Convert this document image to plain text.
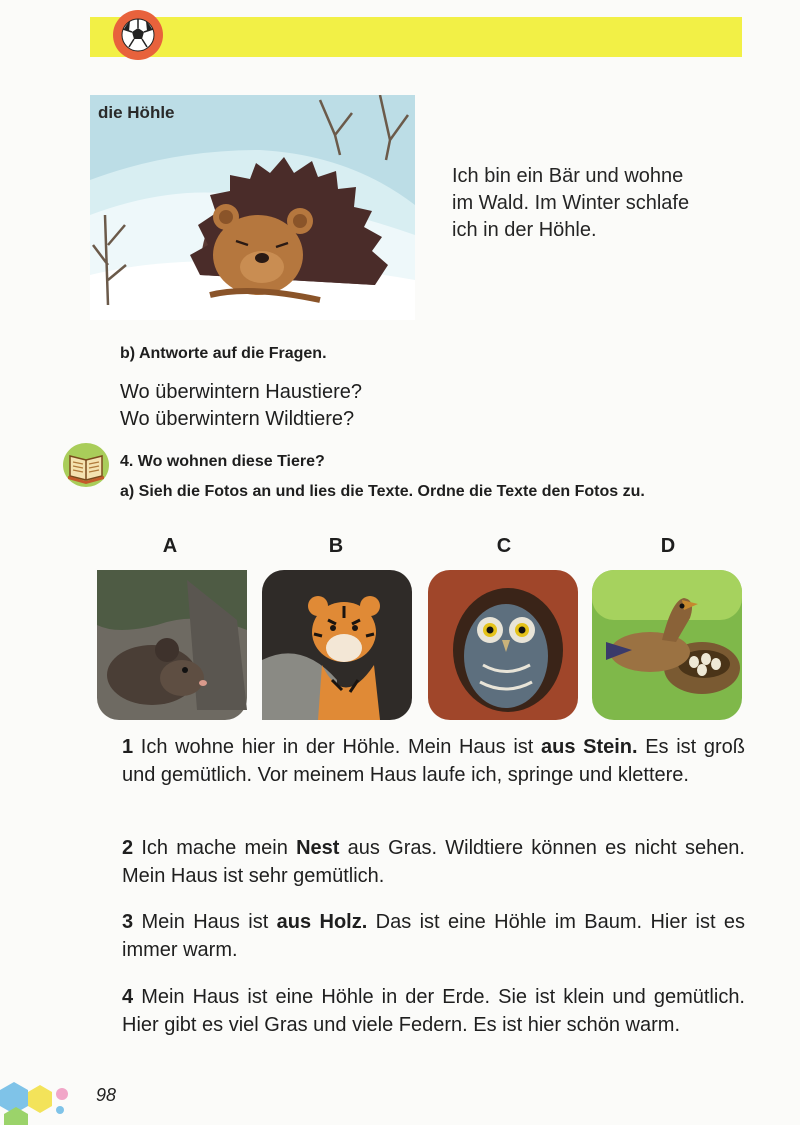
die Höhle
Ich bin ein Bär und wohne
im Wald. Im Winter schlafe
ich in der Höhle.
b) Antworte auf die Fragen.
Wo überwintern Haustiere?
Wo überwintern Wildtiere?
4. Wo wohnen diese Tiere?
a) Sieh die Fotos an und lies die Texte. Ordne die Texte den Fotos zu.
A	B	C	D
1 Ich wohne hier in der Höhle. Mein Haus ist aus Stein. Es ist groß und gemütlich. Vor meinem Haus laufe ich, springe und klettere.
2 Ich mache mein Nest aus Gras. Wildtiere können es nicht sehen. Mein Haus ist sehr gemütlich.
3 Mein Haus ist aus Holz. Das ist eine Höhle im Baum. Hier ist es immer warm.
4 Mein Haus ist eine Höhle in der Erde. Sie ist klein und gemütlich. Hier gibt es viel Gras und viele Federn. Es ist hier schön warm.
98
